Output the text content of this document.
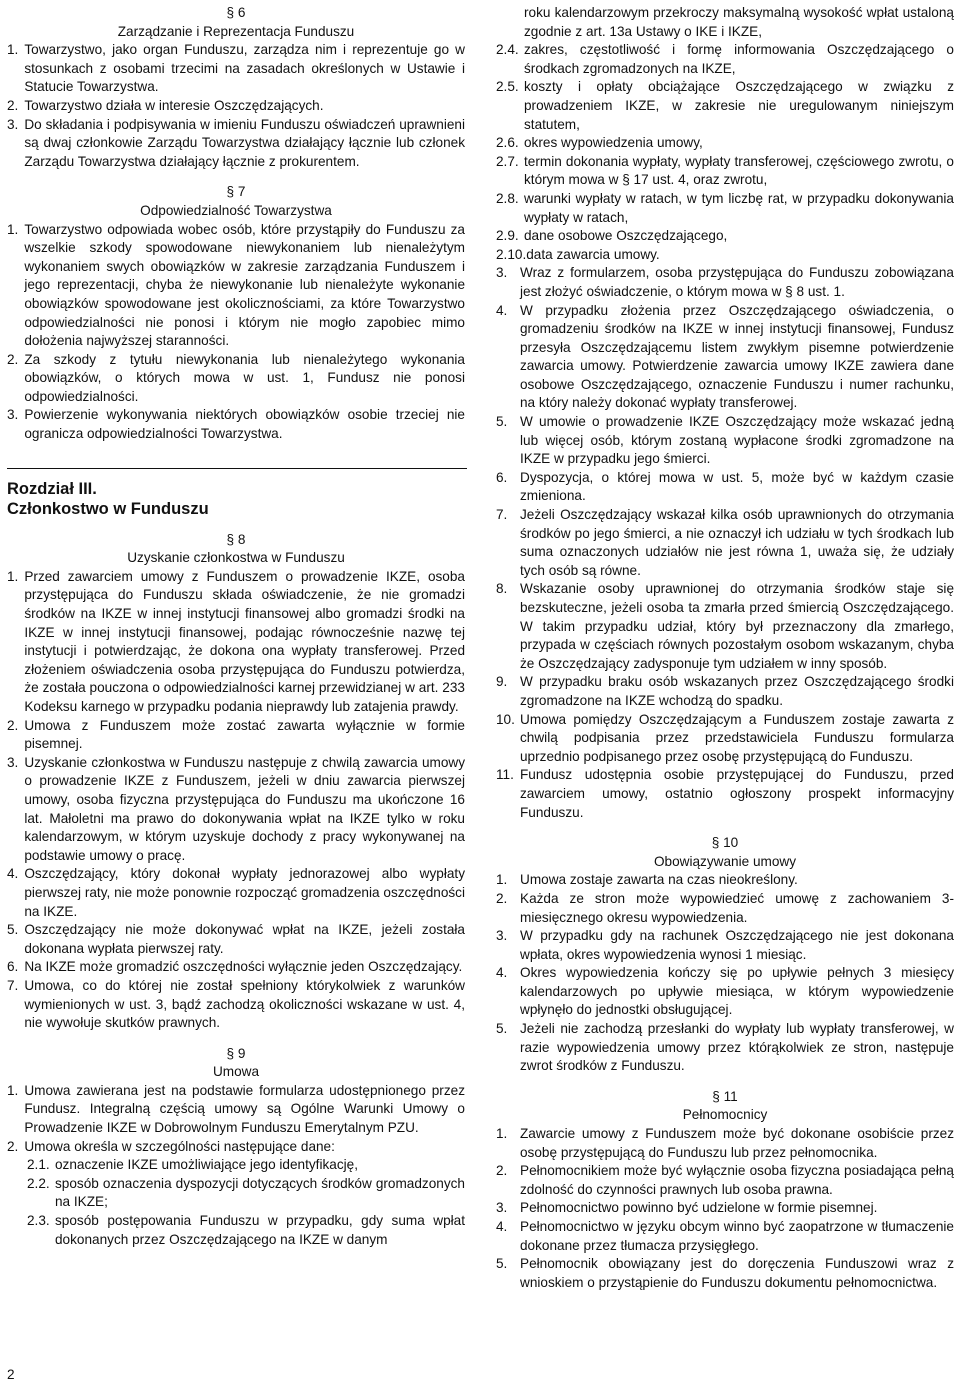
§ 6
Zarządzanie i Reprezentacja Funduszu
1. Towarzystwo, jako organ Funduszu, zarządza nim i reprezentuje go w stosunkach z osobami trzecimi na zasadach określonych w Ustawie i Statucie Towarzystwa.
2. Towarzystwo działa w interesie Oszczędzających.
3. Do składania i podpisywania w imieniu Funduszu oświadczeń uprawnieni są dwaj członkowie Zarządu Towarzystwa działający łącznie lub członek Zarządu Towarzystwa działający łącznie z prokurentem.
§ 7
Odpowiedzialność Towarzystwa
1. Towarzystwo odpowiada wobec osób, które przystąpiły do Funduszu za wszelkie szkody spowodowane niewykonaniem lub nienależytym wykonaniem swych obowiązków w zakresie zarządzania Funduszem i jego reprezentacji, chyba że niewykonanie lub nienależyte wykonanie obowiązków spowodowane jest okolicznościami, za które Towarzystwo odpowiedzialności nie ponosi i którym nie mogło zapobiec mimo dołożenia najwyższej staranności.
2. Za szkody z tytułu niewykonania lub nienależytego wykonania obowiązków, o których mowa w ust. 1, Fundusz nie ponosi odpowiedzialności.
3. Powierzenie wykonywania niektórych obowiązków osobie trzeciej nie ogranicza odpowiedzialności Towarzystwa.
Rozdział III.
Członkostwo w Funduszu
§ 8
Uzyskanie członkostwa w Funduszu
1. Przed zawarciem umowy z Funduszem o prowadzenie IKZE, osoba przystępująca do Funduszu składa oświadczenie, że nie gromadzi środków na IKZE w innej instytucji finansowej albo gromadzi środki na IKZE w innej instytucji finansowej, podając równocześnie nazwę tej instytucji i potwierdzając, że dokona ona wypłaty transferowej. Przed złożeniem oświadczenia osoba przystępująca do Funduszu potwierdza, że została pouczona o odpowiedzialności karnej przewidzianej w art. 233 Kodeksu karnego w przypadku podania nieprawdy lub zatajenia prawdy.
2. Umowa z Funduszem może zostać zawarta wyłącznie w formie pisemnej.
3. Uzyskanie członkostwa w Funduszu następuje z chwilą zawarcia umowy o prowadzenie IKZE z Funduszem, jeżeli w dniu zawarcia pierwszej umowy, osoba fizyczna przystępująca do Funduszu ma ukończone 16 lat. Małoletni ma prawo do dokonywania wpłat na IKZE tylko w roku kalendarzowym, w którym uzyskuje dochody z pracy wykonywanej na podstawie umowy o pracę.
4. Oszczędzający, który dokonał wypłaty jednorazowej albo wypłaty pierwszej raty, nie może ponownie rozpocząć gromadzenia oszczędności na IKZE.
5. Oszczędzający nie może dokonywać wpłat na IKZE, jeżeli została dokonana wypłata pierwszej raty.
6. Na IKZE może gromadzić oszczędności wyłącznie jeden Oszczędzający.
7. Umowa, co do której nie został spełniony którykolwiek z warunków wymienionych w ust. 3, bądź zachodzą okoliczności wskazane w ust. 4, nie wywołuje skutków prawnych.
§ 9
Umowa
1. Umowa zawierana jest na podstawie formularza udostępnionego przez Fundusz. Integralną częścią umowy są Ogólne Warunki Umowy o Prowadzenie IKZE w Dobrowolnym Funduszu Emerytalnym PZU.
2. Umowa określa w szczególności następujące dane:
2.1. oznaczenie IKZE umożliwiające jego identyfikację,
2.2. sposób oznaczenia dyspozycji dotyczących środków gromadzonych na IKZE;
2.3. sposób postępowania Funduszu w przypadku, gdy suma wpłat dokonanych przez Oszczędzającego na IKZE w danym
roku kalendarzowym przekroczy maksymalną wysokość wpłat ustaloną zgodnie z art. 13a Ustawy o IKE i IKZE,
2.4. zakres, częstotliwość i formę informowania Oszczędzającego o środkach zgromadzonych na IKZE,
2.5. koszty i opłaty obciążające Oszczędzającego w związku z prowadzeniem IKZE, w zakresie nie uregulowanym niniejszym statutem,
2.6. okres wypowiedzenia umowy,
2.7. termin dokonania wypłaty, wypłaty transferowej, częściowego zwrotu, o którym mowa w § 17 ust. 4, oraz zwrotu,
2.8. warunki wypłaty w ratach, w tym liczbę rat, w przypadku dokonywania wypłaty w ratach,
2.9. dane osobowe Oszczędzającego,
2.10. data zawarcia umowy.
3. Wraz z formularzem, osoba przystępująca do Funduszu zobowiązana jest złożyć oświadczenie, o którym mowa w § 8 ust. 1.
4. W przypadku złożenia przez Oszczędzającego oświadczenia, o gromadzeniu środków na IKZE w innej instytucji finansowej, Fundusz przesyła Oszczędzającemu listem zwykłym pisemne potwierdzenie zawarcia umowy. Potwierdzenie zawarcia umowy IKZE zawiera dane osobowe Oszczędzającego, oznaczenie Funduszu i numer rachunku, na który należy dokonać wypłaty transferowej.
5. W umowie o prowadzenie IKZE Oszczędzający może wskazać jedną lub więcej osób, którym zostaną wypłacone środki zgromadzone na IKZE w przypadku jego śmierci.
6. Dyspozycja, o której mowa w ust. 5, może być w każdym czasie zmieniona.
7. Jeżeli Oszczędzający wskazał kilka osób uprawnionych do otrzymania środków po jego śmierci, a nie oznaczył ich udziału w tych środkach lub suma oznaczonych udziałów nie jest równa 1, uważa się, że udziały tych osób są równe.
8. Wskazanie osoby uprawnionej do otrzymania środków staje się bezskuteczne, jeżeli osoba ta zmarła przed śmiercią Oszczędzającego. W takim przypadku udział, który był przeznaczony dla zmarłego, przypada w częściach równych pozostałym osobom wskazanym, chyba że Oszczędzający zadysponuje tym udziałem w inny sposób.
9. W przypadku braku osób wskazanych przez Oszczędzającego środki zgromadzone na IKZE wchodzą do spadku.
10. Umowa pomiędzy Oszczędzającym a Funduszem zostaje zawarta z chwilą podpisania przez przedstawiciela Funduszu formularza uprzednio podpisanego przez osobę przystępującą do Funduszu.
11. Fundusz udostępnia osobie przystępującej do Funduszu, przed zawarciem umowy, ostatnio ogłoszony prospekt informacyjny Funduszu.
§ 10
Obowiązywanie umowy
1. Umowa zostaje zawarta na czas nieokreślony.
2. Każda ze stron może wypowiedzieć umowę z zachowaniem 3-miesięcznego okresu wypowiedzenia.
3. W przypadku gdy na rachunek Oszczędzającego nie jest dokonana wpłata, okres wypowiedzenia wynosi 1 miesiąc.
4. Okres wypowiedzenia kończy się po upływie pełnych 3 miesięcy kalendarzowych po upływie miesiąca, w którym wypowiedzenie wpłynęło do jednostki obsługującej.
5. Jeżeli nie zachodzą przesłanki do wypłaty lub wypłaty transferowej, w razie wypowiedzenia umowy przez którąkolwiek ze stron, następuje zwrot środków z Funduszu.
§ 11
Pełnomocnicy
1. Zawarcie umowy z Funduszem może być dokonane osobiście przez osobę przystępującą do Funduszu lub przez pełnomocnika.
2. Pełnomocnikiem może być wyłącznie osoba fizyczna posiadająca pełną zdolność do czynności prawnych lub osoba prawna.
3. Pełnomocnictwo powinno być udzielone w formie pisemnej.
4. Pełnomocnictwo w języku obcym winno być zaopatrzone w tłumaczenie dokonane przez tłumacza przysięgłego.
5. Pełnomocnik obowiązany jest do doręczenia Funduszowi wraz z wnioskiem o przystąpienie do Funduszu dokumentu pełnomocnictwa.
2
